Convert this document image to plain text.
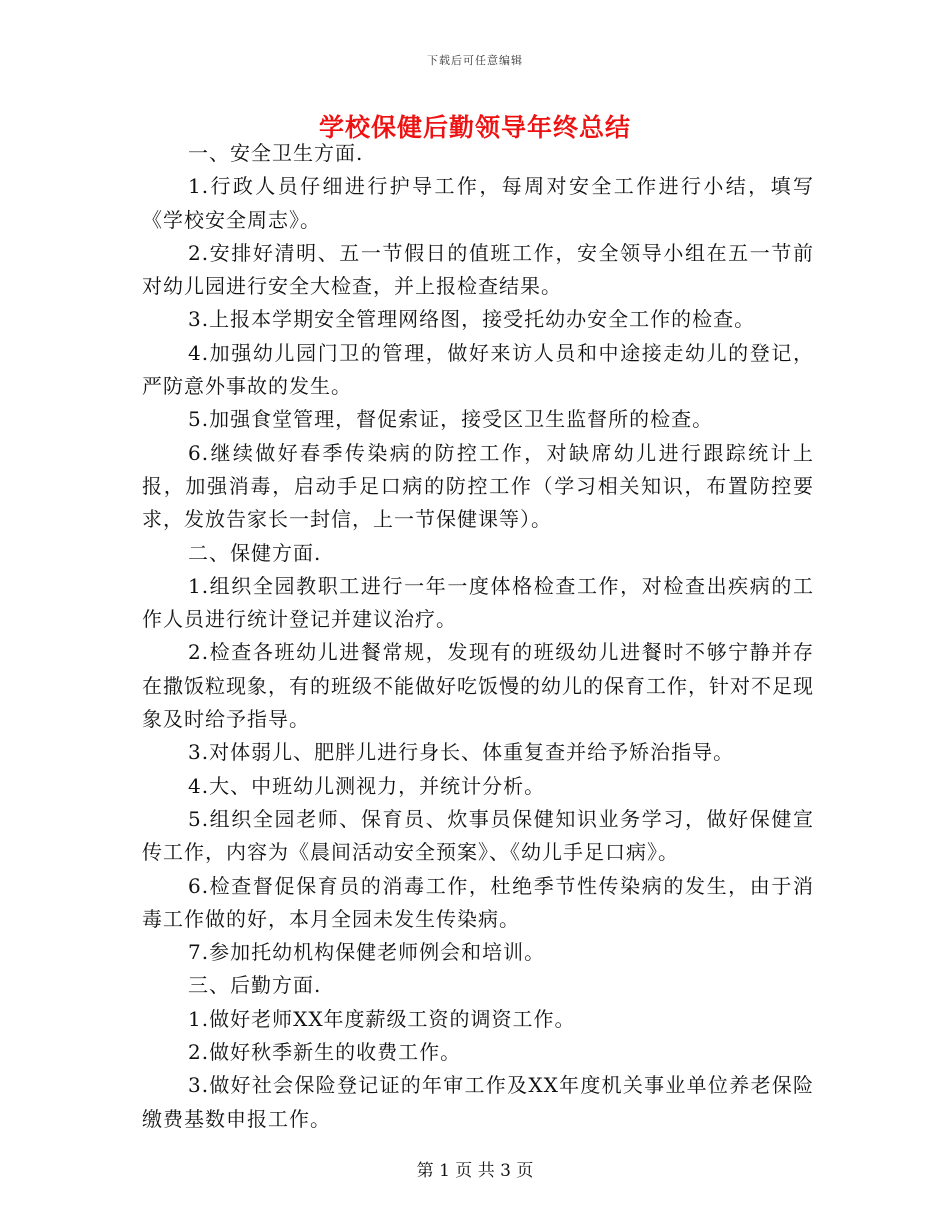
下载后可任意编辑
学校保健后勤领导年终总结

一、安全卫生方面.

1.行政人员仔细进行护导工作，每周对安全工作进行小结，填写《学校安全周志》。

2.安排好清明、五一节假日的值班工作，安全领导小组在五一节前对幼儿园进行安全大检查，并上报检查结果。

3.上报本学期安全管理网络图，接受托幼办安全工作的检查。

4.加强幼儿园门卫的管理，做好来访人员和中途接走幼儿的登记，严防意外事故的发生。

5.加强食堂管理，督促索证，接受区卫生监督所的检查。

6.继续做好春季传染病的防控工作，对缺席幼儿进行跟踪统计上报，加强消毒，启动手足口病的防控工作（学习相关知识，布置防控要求，发放告家长一封信，上一节保健课等）。

二、保健方面.

1.组织全园教职工进行一年一度体格检查工作，对检查出疾病的工作人员进行统计登记并建议治疗。

2.检查各班幼儿进餐常规，发现有的班级幼儿进餐时不够宁静并存在撒饭粒现象，有的班级不能做好吃饭慢的幼儿的保育工作，针对不足现象及时给予指导。

3.对体弱儿、肥胖儿进行身长、体重复查并给予矫治指导。

4.大、中班幼儿测视力，并统计分析。

5.组织全园老师、保育员、炊事员保健知识业务学习，做好保健宣传工作，内容为《晨间活动安全预案》、《幼儿手足口病》。

6.检查督促保育员的消毒工作，杜绝季节性传染病的发生，由于消毒工作做的好，本月全园未发生传染病。

7.参加托幼机构保健老师例会和培训。

三、后勤方面.

1.做好老师XX年度薪级工资的调资工作。

2.做好秋季新生的收费工作。

3.做好社会保险登记证的年审工作及XX年度机关事业单位养老保险缴费基数申报工作。

第 1 页 共 3 页
